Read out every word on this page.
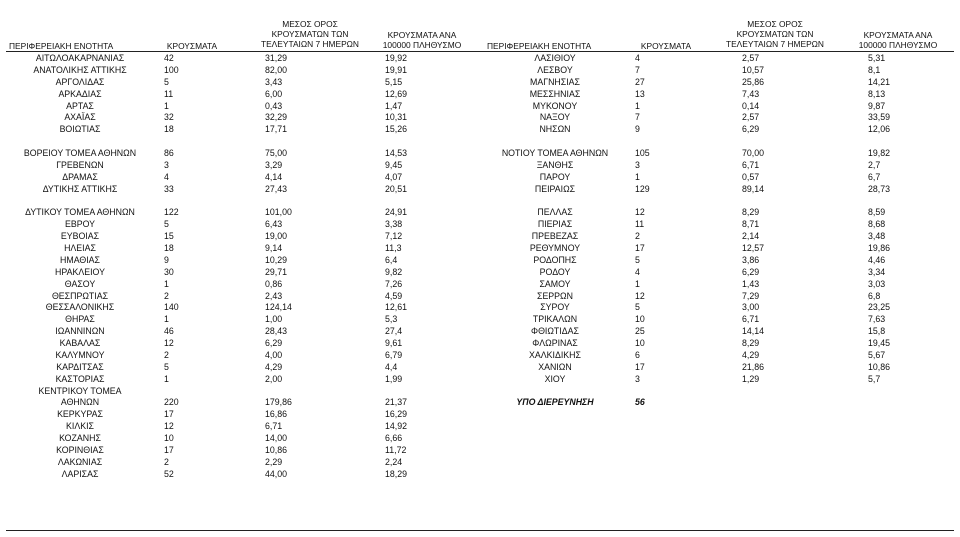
ΠΕΡΙΦΕΡΕΙΑΚΗ ΕΝΟΤΗΤΑ	ΚΡΟΥΣΜΑΤΑ
ΜΕΣΟΣ ΟΡΟΣ
ΚΡΟΥΣΜΑΤΩΝ ΤΩΝ
ΤΕΛΕΥΤΑΙΩΝ 7 ΗΜΕΡΩΝ
ΚΡΟΥΣΜΑΤΑ ΑΝΑ
100000 ΠΛΗΘΥΣΜΟ	ΠΕΡΙΦΕΡΕΙΑΚΗ ΕΝΟΤΗΤΑ	ΚΡΟΥΣΜΑΤΑ
ΜΕΣΟΣ ΟΡΟΣ
ΚΡΟΥΣΜΑΤΩΝ ΤΩΝ
ΤΕΛΕΥΤΑΙΩΝ 7 ΗΜΕΡΩΝ
ΚΡΟΥΣΜΑΤΑ ΑΝΑ
100000 ΠΛΗΘΥΣΜΟ
ΑΙΤΩΛΟΑΚΑΡΝΑΝΙΑΣ	42	31,29	19,92
ΑΝΑΤΟΛΙΚΗΣ ΑΤΤΙΚΗΣ	100	82,00	19,91
ΑΡΓΟΛΙΔΑΣ	5	3,43	5,15
ΑΡΚΑΔΙΑΣ	11	6,00	12,69
ΑΡΤΑΣ	1	0,43	1,47
ΑΧΑΪΑΣ	32	32,29	10,31
ΒΟΙΩΤΙΑΣ	18	17,71	15,26
ΒΟΡΕΙΟΥ ΤΟΜΕΑ ΑΘΗΝΩΝ	86	75,00	14,53
ΓΡΕΒΕΝΩΝ	3	3,29	9,45
ΔΡΑΜΑΣ	4	4,14	4,07
ΔΥΤΙΚΗΣ ΑΤΤΙΚΗΣ	33	27,43	20,51
ΔΥΤΙΚΟΥ ΤΟΜΕΑ ΑΘΗΝΩΝ	122	101,00	24,91
ΕΒΡΟΥ	5	6,43	3,38
ΕΥΒΟΙΑΣ	15	19,00	7,12
ΗΛΕΙΑΣ	18	9,14	11,3
ΗΜΑΘΙΑΣ	9	10,29	6,4
ΗΡΑΚΛΕΙΟΥ	30	29,71	9,82
ΘΑΣΟΥ	1	0,86	7,26
ΘΕΣΠΡΩΤΙΑΣ	2	2,43	4,59
ΘΕΣΣΑΛΟΝΙΚΗΣ	140	124,14	12,61
ΘΗΡΑΣ	1	1,00	5,3
ΙΩΑΝΝΙΝΩΝ	46	28,43	27,4
ΚΑΒΑΛΑΣ	12	6,29	9,61
ΚΑΛΥΜΝΟΥ	2	4,00	6,79
ΚΑΡΔΙΤΣΑΣ	5	4,29	4,4
ΚΑΣΤΟΡΙΑΣ	1	2,00	1,99
ΚΕΝΤΡΙΚΟΥ ΤΟΜΕΑ
ΑΘΗΝΩΝ	220	179,86	21,37
ΚΕΡΚΥΡΑΣ	17	16,86	16,29
ΚΙΛΚΙΣ	12	6,71	14,92
ΚΟΖΑΝΗΣ	10	14,00	6,66
ΚΟΡΙΝΘΙΑΣ	17	10,86	11,72
ΛΑΚΩΝΙΑΣ	2	2,29	2,24
ΛΑΡΙΣΑΣ	52	44,00	18,29
ΛΑΣΙΘΙΟΥ	4	2,57	5,31
ΛΕΣΒΟΥ	7	10,57	8,1
ΜΑΓΝΗΣΙΑΣ	27	25,86	14,21
ΜΕΣΣΗΝΙΑΣ	13	7,43	8,13
ΜΥΚΟΝΟΥ	1	0,14	9,87
ΝΑΞΟΥ	7	2,57	33,59
ΝΗΣΩΝ	9	6,29	12,06
ΝΟΤΙΟΥ ΤΟΜΕΑ ΑΘΗΝΩΝ	105	70,00	19,82
ΞΑΝΘΗΣ	3	6,71	2,7
ΠΑΡΟΥ	1	0,57	6,7
ΠΕΙΡΑΙΩΣ	129	89,14	28,73
ΠΕΛΛΑΣ	12	8,29	8,59
ΠΙΕΡΙΑΣ	11	8,71	8,68
ΠΡΕΒΕΖΑΣ	2	2,14	3,48
ΡΕΘΥΜΝΟΥ	17	12,57	19,86
ΡΟΔΟΠΗΣ	5	3,86	4,46
ΡΟΔΟΥ	4	6,29	3,34
ΣΑΜΟΥ	1	1,43	3,03
ΣΕΡΡΩΝ	12	7,29	6,8
ΣΥΡΟΥ	5	3,00	23,25
ΤΡΙΚΑΛΩΝ	10	6,71	7,63
ΦΘΙΩΤΙΔΑΣ	25	14,14	15,8
ΦΛΩΡΙΝΑΣ	10	8,29	19,45
ΧΑΛΚΙΔΙΚΗΣ	6	4,29	5,67
ΧΑΝΙΩΝ	17	21,86	10,86
ΧΙΟΥ	3	1,29	5,7
ΥΠΟ ΔΙΕΡΕΥΝΗΣΗ	56
